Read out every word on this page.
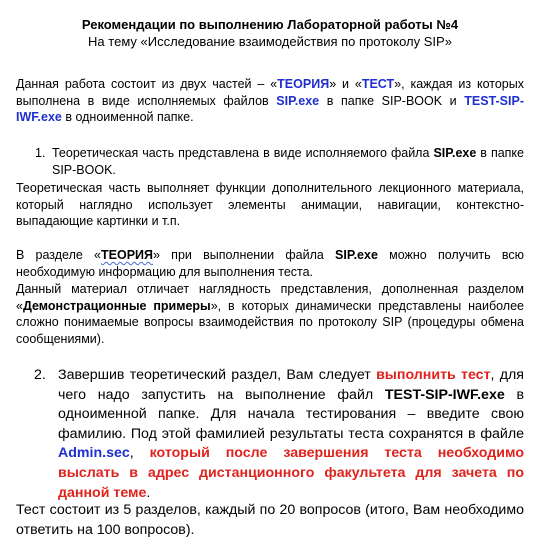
Рекомендации по выполнению Лабораторной работы №4
На тему «Исследование взаимодействия по протоколу SIP»
Данная работа состоит из двух частей – «ТЕОРИЯ» и «ТЕСТ», каждая из которых выполнена в виде исполняемых файлов SIP.exe в папке SIP-BOOK и TEST-SIP-IWF.exe в одноименной папке.
1. Теоретическая часть представлена в виде исполняемого файла SIP.exe в папке SIP-BOOK.
Теоретическая часть выполняет функции дополнительного лекционного материала, который наглядно использует элементы анимации, навигации, контекстно-выпадающие картинки и т.п.
В разделе «ТЕОРИЯ» при выполнении файла SIP.exe можно получить всю необходимую информацию для выполнения теста.
Данный материал отличает наглядность представления, дополненная разделом «Демонстрационные примеры», в которых динамически представлены наиболее сложно понимаемые вопросы взаимодействия по протоколу SIP (процедуры обмена сообщениями).
2. Завершив теоретический раздел, Вам следует выполнить тест, для чего надо запустить на выполнение файл TEST-SIP-IWF.exe в одноименной папке. Для начала тестирования – введите свою фамилию. Под этой фамилией результаты теста сохранятся в файле Admin.sec, который после завершения теста необходимо выслать в адрес дистанционного факультета для зачета по данной теме.
Тест состоит из 5 разделов, каждый по 20 вопросов (итого, Вам необходимо ответить на 100 вопросов).
